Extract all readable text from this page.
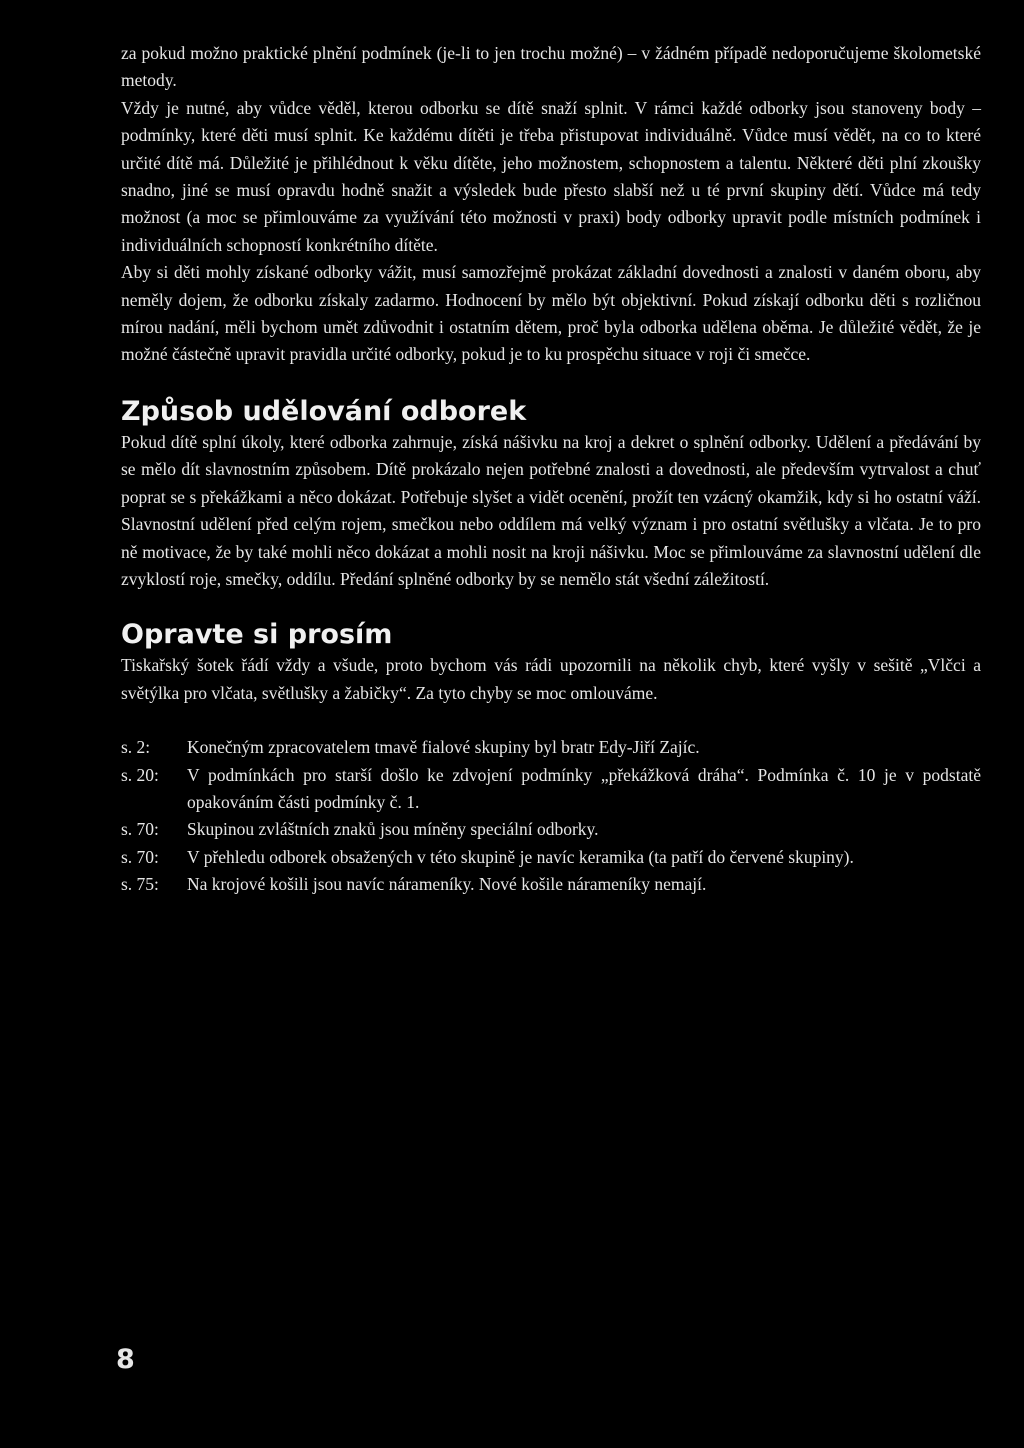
za pokud možno praktické plnění podmínek (je-li to jen trochu možné) – v žádném případě nedoporučujeme školometské metody.

Vždy je nutné, aby vůdce věděl, kterou odborku se dítě snaží splnit. V rámci každé odborky jsou stanoveny body – podmínky, které děti musí splnit. Ke každému dítěti je třeba přistupovat individuálně. Vůdce musí vědět, na co to které určité dítě má. Důležité je přihlédnout k věku dítěte, jeho možnostem, schopnostem a talentu. Některé děti plní zkoušky snadno, jiné se musí opravdu hodně snažit a výsledek bude přesto slabší než u té první skupiny dětí. Vůdce má tedy možnost (a moc se přimlouváme za využívání této možnosti v praxi) body odborky upravit podle místních podmínek i individuálních schopností konkrétního dítěte.

Aby si děti mohly získané odborky vážit, musí samozřejmě prokázat základní dovednosti a znalosti v daném oboru, aby neměly dojem, že odborku získaly zadarmo. Hodnocení by mělo být objektivní. Pokud získají odborku děti s rozličnou mírou nadání, měli bychom umět zdůvodnit i ostatním dětem, proč byla odborka udělena oběma. Je důležité vědět, že je možné částečně upravit pravidla určité odborky, pokud je to ku prospěchu situace v roji či smečce.

Způsob udělování odborek

Pokud dítě splní úkoly, které odborka zahrnuje, získá nášivku na kroj a dekret o splnění odborky. Udělení a předávání by se mělo dít slavnostním způsobem. Dítě prokázalo nejen potřebné znalosti a dovednosti, ale především vytrvalost a chuť poprat se s překážkami a něco dokázat. Potřebuje slyšet a vidět ocenění, prožít ten vzácný okamžik, kdy si ho ostatní váží. Slavnostní udělení před celým rojem, smečkou nebo oddílem má velký význam i pro ostatní světlušky a vlčata. Je to pro ně motivace, že by také mohli něco dokázat a mohli nosit na kroji nášivku. Moc se přimlouváme za slavnostní udělení dle zvyklostí roje, smečky, oddílu. Předání splněné odborky by se nemělo stát všední záležitostí.

Opravte si prosím

Tiskařský šotek řádí vždy a všude, proto bychom vás rádi upozornili na několik chyb, které vyšly v sešitě „Vlčci a světýlka pro vlčata, světlušky a žabičky“. Za tyto chyby se moc omlouváme.

s. 2:	Konečným zpracovatelem tmavě fialové skupiny byl bratr Edy-Jiří Zajíc.
s. 20:	V podmínkách pro starší došlo ke zdvojení podmínky „překážková dráha“. Podmínka č. 10 je v podstatě opakováním části podmínky č. 1.
s. 70:	Skupinou zvláštních znaků jsou míněny speciální odborky.
s. 70:	V přehledu odborek obsažených v této skupině je navíc keramika (ta patří do červené skupiny).
s. 75:	Na krojové košili jsou navíc nárameníky. Nové košile nárameníky nemají.
8
